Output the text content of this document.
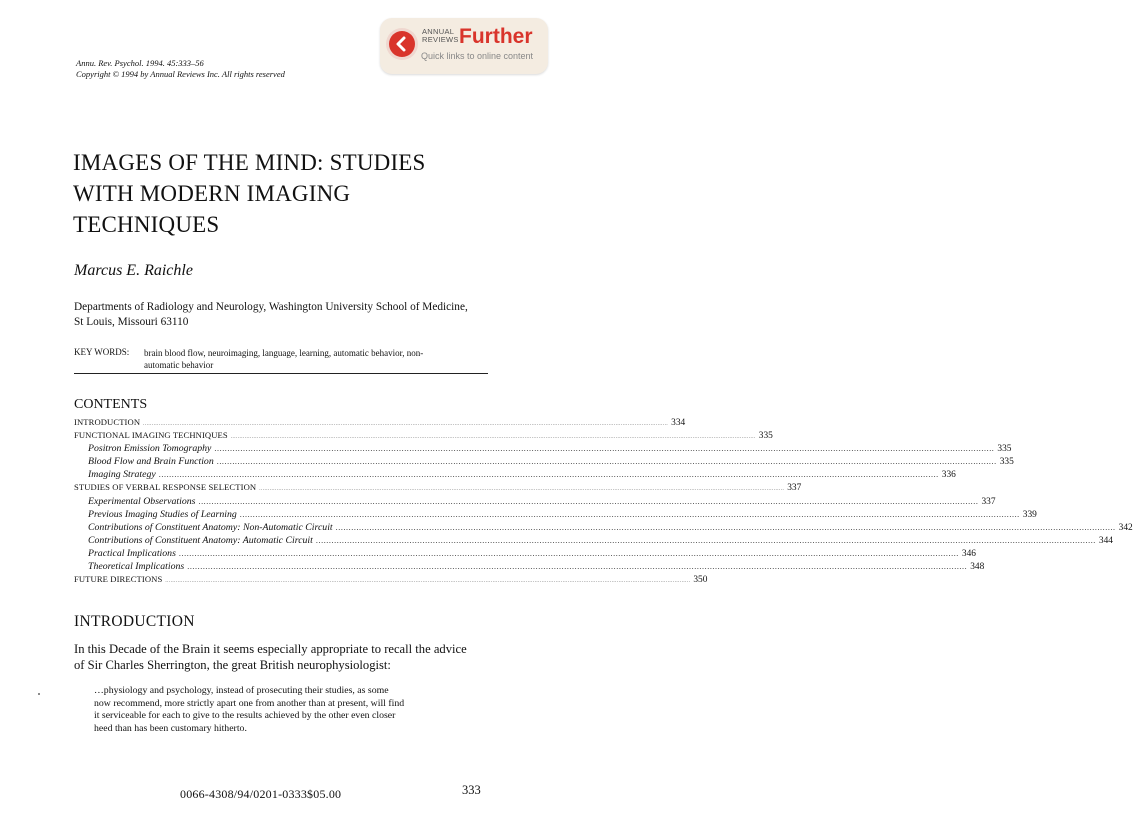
ANNUAL
REVIEWS Further
Quick links to online content
Annu. Rev. Psychol. 1994. 45:333–56
Copyright © 1994 by Annual Reviews Inc. All rights reserved
IMAGES OF THE MIND: STUDIES
WITH MODERN IMAGING
TECHNIQUES
Marcus E. Raichle
Departments of Radiology and Neurology, Washington University School of Medicine,
St Louis, Missouri 63110
KEY WORDS: brain blood flow, neuroimaging, language, learning, automatic behavior, non-
automatic behavior
CONTENTS
INTRODUCTION ............................................................................................................................................................................................................................................................................................................ 334
FUNCTIONAL IMAGING TECHNIQUES ............................................................................................................................................................................................................................................................................................................ 335
Positron Emission Tomography ............................................................................................................................................................................................................................................................................................................ 335
Blood Flow and Brain Function ............................................................................................................................................................................................................................................................................................................ 335
Imaging Strategy ............................................................................................................................................................................................................................................................................................................ 336
STUDIES OF VERBAL RESPONSE SELECTION ............................................................................................................................................................................................................................................................................................................ 337
Experimental Observations ............................................................................................................................................................................................................................................................................................................ 337
Previous Imaging Studies of Learning ............................................................................................................................................................................................................................................................................................................ 339
Contributions of Constituent Anatomy: Non-Automatic Circuit ............................................................................................................................................................................................................................................................................................................ 342
Contributions of Constituent Anatomy: Automatic Circuit ............................................................................................................................................................................................................................................................................................................ 344
Practical Implications ............................................................................................................................................................................................................................................................................................................ 346
Theoretical Implications ............................................................................................................................................................................................................................................................................................................ 348
FUTURE DIRECTIONS ............................................................................................................................................................................................................................................................................................................ 350
INTRODUCTION
In this Decade of the Brain it seems especially appropriate to recall the advice
of Sir Charles Sherrington, the great British neurophysiologist:
…physiology and psychology, instead of prosecuting their studies, as some
now recommend, more strictly apart one from another than at present, will find
it serviceable for each to give to the results achieved by the other even closer
heed than has been customary hitherto.
0066-4308/94/0201-0333$05.00	333
